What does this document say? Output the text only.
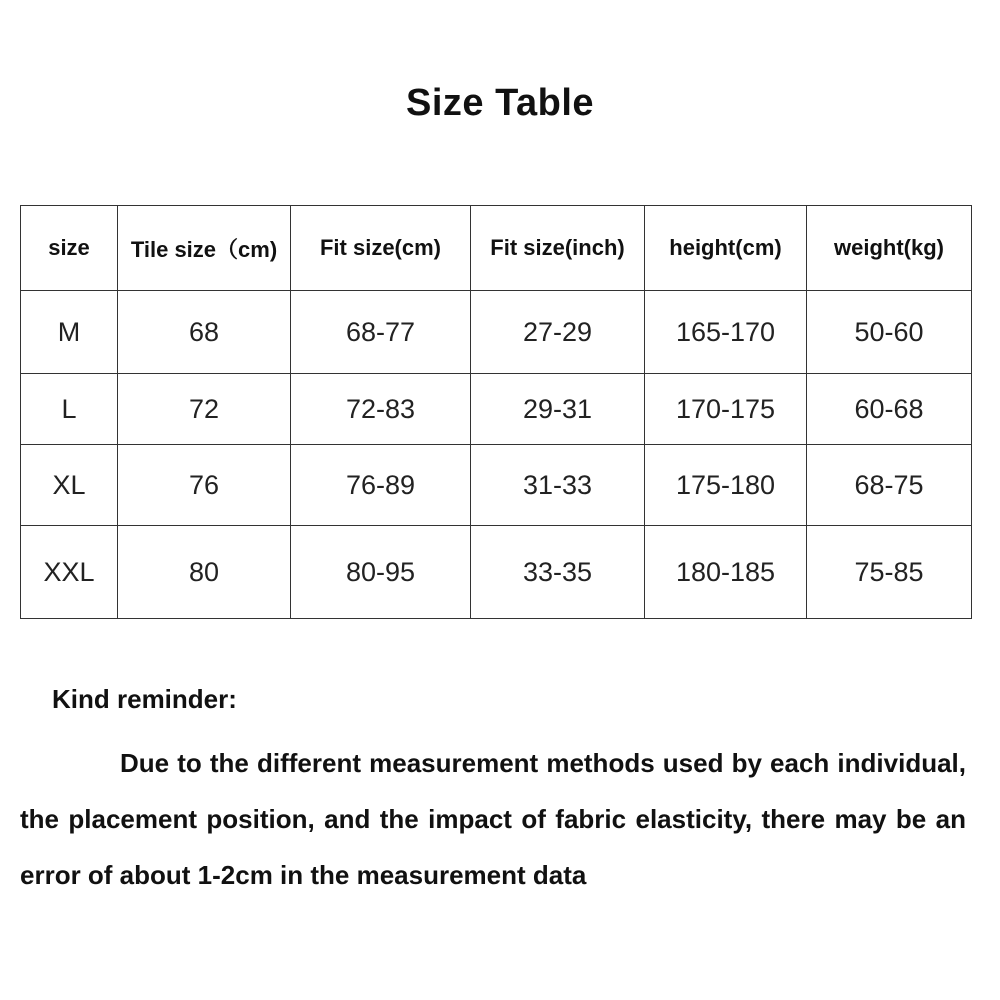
Size Table
size	Tile size（cm)	Fit size(cm)	Fit size(inch)	height(cm)	weight(kg)
M	68	68-77	27-29	165-170	50-60
L	72	72-83	29-31	170-175	60-68
XL	76	76-89	31-33	175-180	68-75
XXL	80	80-95	33-35	180-185	75-85
Kind reminder:

Due to the different measurement methods used by each individual, the placement position, and the impact of fabric elasticity, there may be an error of about 1-2cm in the measurement data
